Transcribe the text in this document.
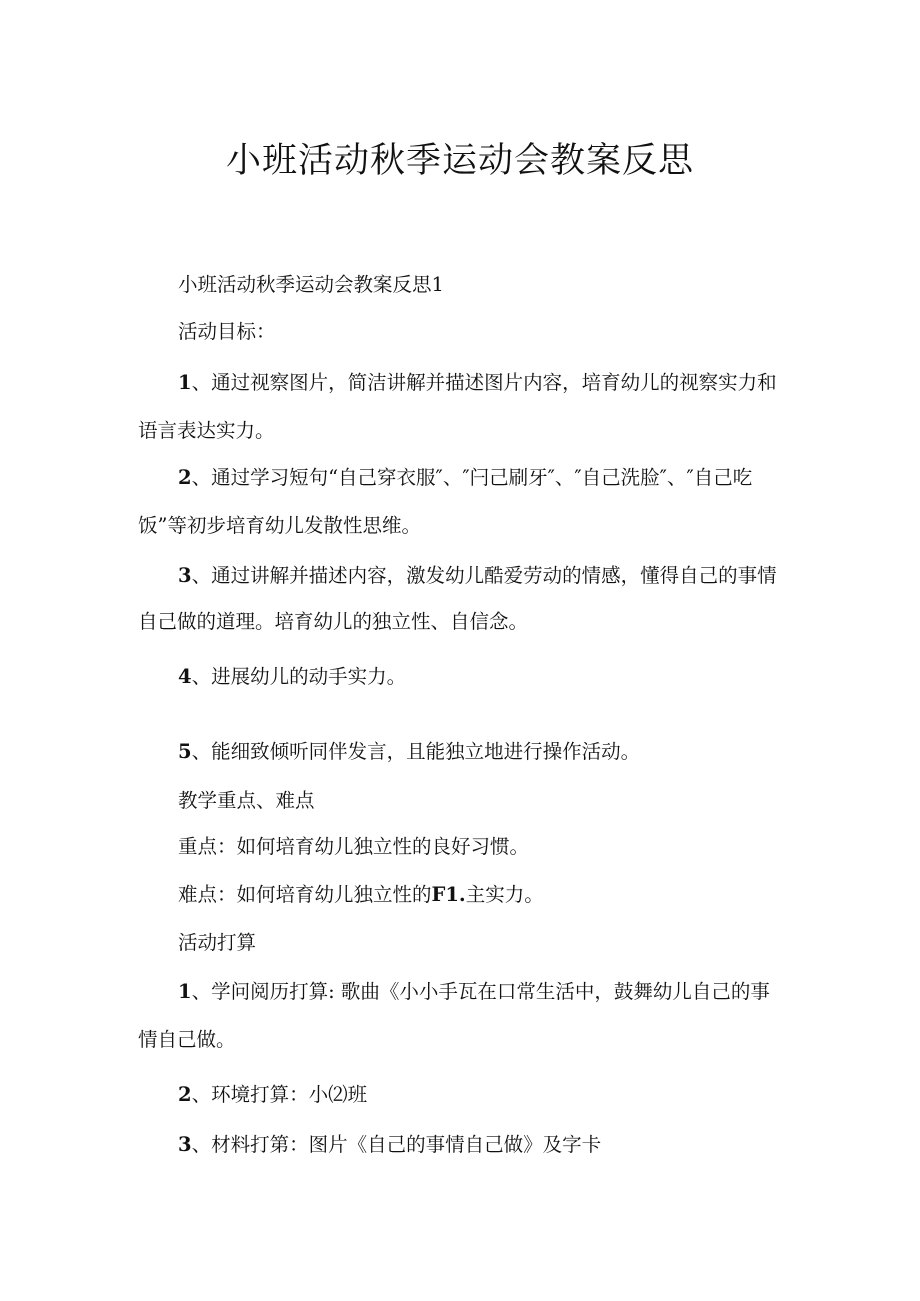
小班活动秋季运动会教案反思

小班活动秋季运动会教案反思1

活动目标：

1、通过视察图片，简洁讲解并描述图片内容，培育幼儿的视察实力和

语言表达实力。

2、通过学习短句“自己穿衣服″、″闩己刷牙″、″自己洗脸″、″自己吃

饭”等初步培育幼儿发散性思维。

3、通过讲解并描述内容，激发幼儿酷爱劳动的情感，懂得自己的事情

自己做的道理。培育幼儿的独立性、自信念。

4、进展幼儿的动手实力。

5、能细致倾听同伴发言，且能独立地进行操作活动。

教学重点、难点

重点：如何培育幼儿独立性的良好习惯。

难点：如何培育幼儿独立性的F1.主实力。

活动打算

1、学问阅历打算: 歌曲《小小手瓦在口常生活中，鼓舞幼儿自己的事

情自己做。

2、环境打算：小⑵班

3、材料打第：图片《自己的事情自己做》及字卡
